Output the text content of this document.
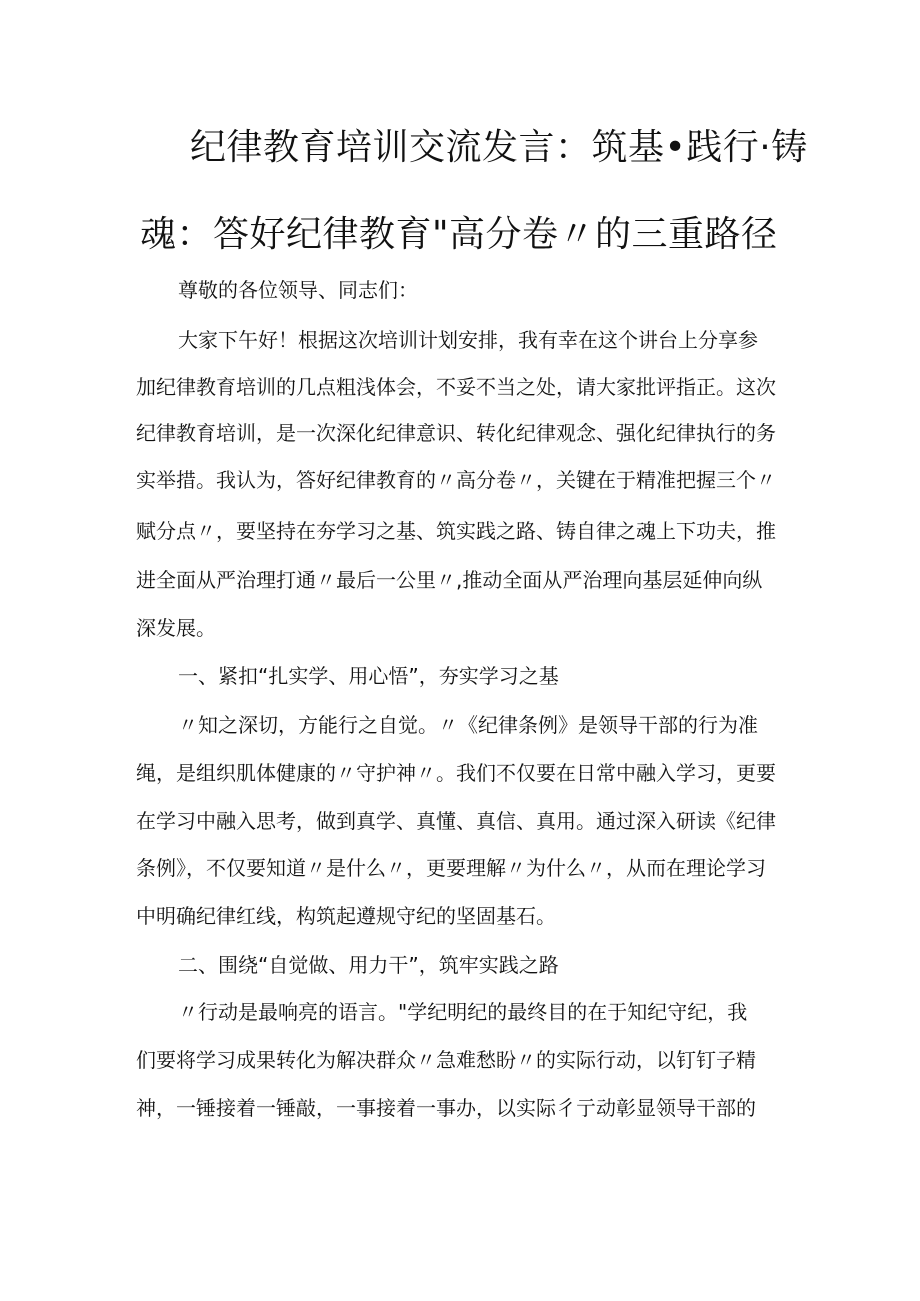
纪律教育培训交流发言：筑基•践行·铸
魂：答好纪律教育"高分卷〃的三重路径
尊敬的各位领导、同志们：
大家下午好！根据这次培训计划安排，我有幸在这个讲台上分享参
加纪律教育培训的几点粗浅体会，不妥不当之处，请大家批评指正。这次
纪律教育培训，是一次深化纪律意识、转化纪律观念、强化纪律执行的务
实举措。我认为，答好纪律教育的〃高分卷〃，关键在于精准把握三个〃
赋分点〃，要坚持在夯学习之基、筑实践之路、铸自律之魂上下功夫，推
进全面从严治理打通〃最后一公里〃,推动全面从严治理向基层延伸向纵
深发展。
一、紧扣“扎实学、用心悟”，夯实学习之基
〃知之深切，方能行之自觉。〃《纪律条例》是领导干部的行为准
绳，是组织肌体健康的〃守护神〃。我们不仅要在日常中融入学习，更要
在学习中融入思考，做到真学、真懂、真信、真用。通过深入研读《纪律
条例》，不仅要知道〃是什么〃，更要理解〃为什么〃，从而在理论学习
中明确纪律红线，构筑起遵规守纪的坚固基石。
二、围绕“自觉做、用力干”，筑牢实践之路
〃行动是最响亮的语言。"学纪明纪的最终目的在于知纪守纪，我
们要将学习成果转化为解决群众〃急难愁盼〃的实际行动，以钉钉子精
神，一锤接着一锤敲，一事接着一事办，以实际彳亍动彰显领导干部的
